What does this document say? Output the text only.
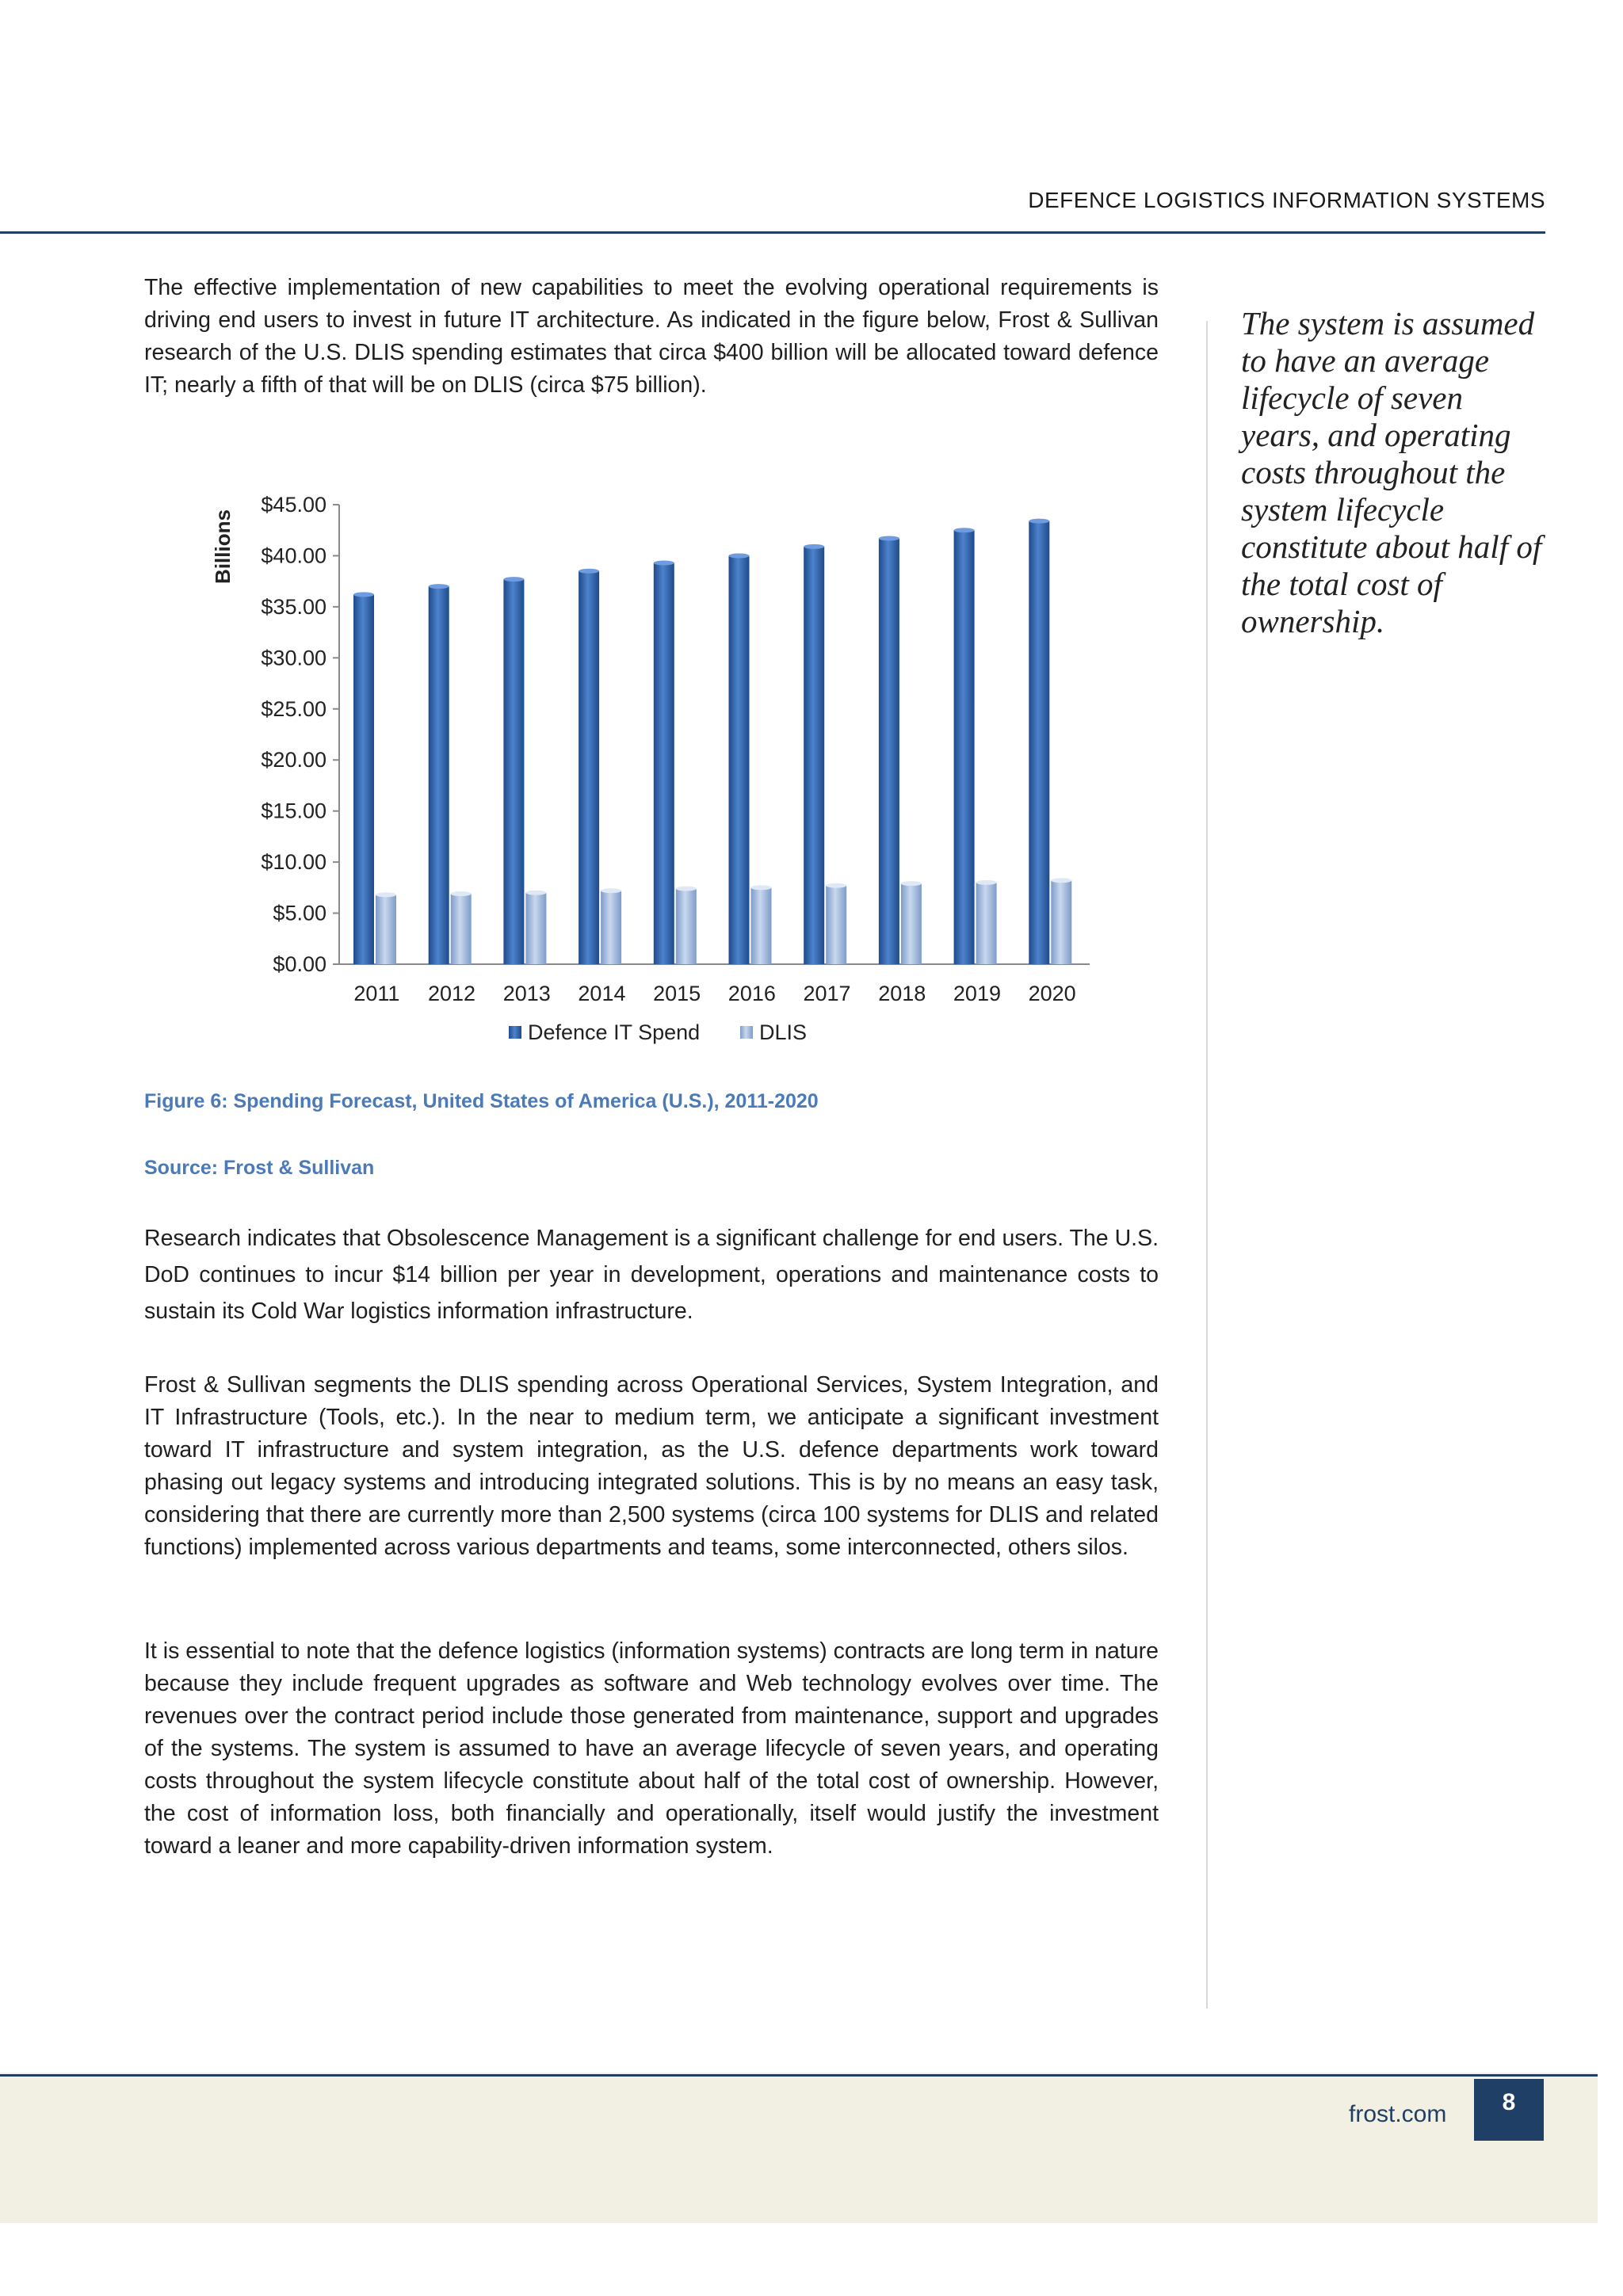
DEFENCE LOGISTICS INFORMATION SYSTEMS

The effective implementation of new capabilities to meet the evolving operational requirements is driving end users to invest in future IT architecture. As indicated in the figure below, Frost & Sullivan research of the U.S. DLIS spending estimates that circa $400 billion will be allocated toward defence IT; nearly a fifth of that will be on DLIS (circa $75 billion).

$0.00
$5.00
$10.00
$15.00
$20.00
$25.00
$30.00
$35.00
$40.00
$45.00
Billions
2011 2012 2013 2014 2015 2016 2017 2018 2019 2020
Defence IT Spend	DLIS
Figure 6: Spending Forecast, United States of America (U.S.), 2011-2020
Source: Frost & Sullivan

Research indicates that Obsolescence Management is a significant challenge for end users. The U.S. DoD continues to incur $14 billion per year in development, operations and maintenance costs to sustain its Cold War logistics information infrastructure.

Frost & Sullivan segments the DLIS spending across Operational Services, System Integration, and IT Infrastructure (Tools, etc.). In the near to medium term, we anticipate a significant investment toward IT infrastructure and system integration, as the U.S. defence departments work toward phasing out legacy systems and introducing integrated solutions. This is by no means an easy task, considering that there are currently more than 2,500 systems (circa 100 systems for DLIS and related functions) implemented across various departments and teams, some interconnected, others silos.

It is essential to note that the defence logistics (information systems) contracts are long term in nature because they include frequent upgrades as software and Web technology evolves over time. The revenues over the contract period include those generated from maintenance, support and upgrades of the systems. The system is assumed to have an average lifecycle of seven years, and operating costs throughout the system lifecycle constitute about half of the total cost of ownership. However, the cost of information loss, both financially and operationally, itself would justify the investment toward a leaner and more capability-driven information system.

The system is assumed to have an average lifecycle of seven years, and operating costs throughout the system lifecycle constitute about half of the total cost of ownership.
frost.com	8
